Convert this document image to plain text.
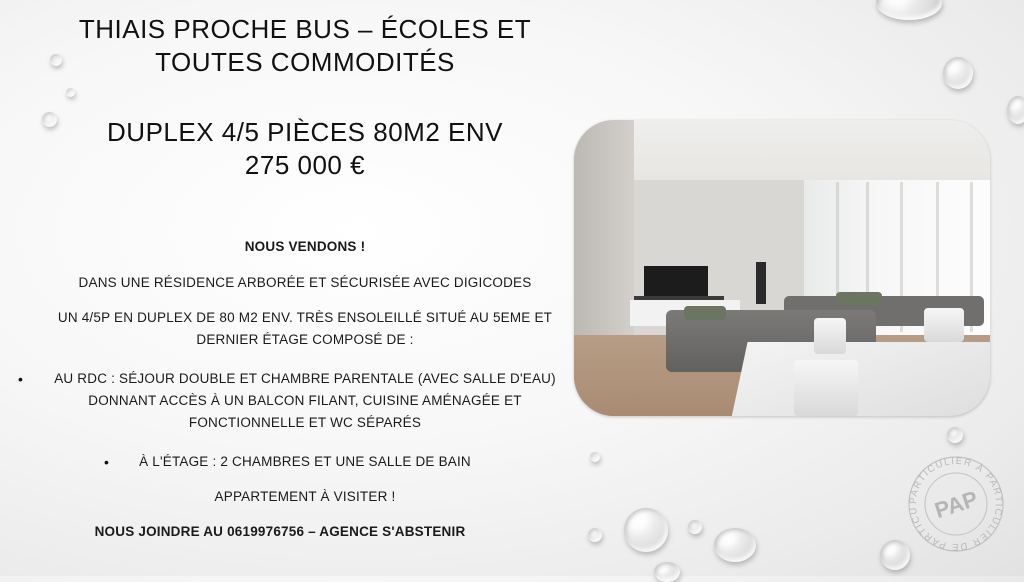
THIAIS PROCHE BUS – ÉCOLES ET
TOUTES COMMODITÉS
DUPLEX 4/5 PIÈCES 80M2 ENV
275 000 €
NOUS VENDONS !
DANS UNE RÉSIDENCE ARBORÉE ET SÉCURISÉE AVEC DIGICODES
UN 4/5P EN DUPLEX DE 80 M2 ENV. TRÈS ENSOLEILLÉ SITUÉ AU 5EME ET
DERNIER ÉTAGE COMPOSÉ DE :
•	AU RDC : SÉJOUR DOUBLE ET CHAMBRE PARENTALE (AVEC SALLE D'EAU)
DONNANT ACCÈS À UN BALCON FILANT, CUISINE AMÉNAGÉE ET
FONCTIONNELLE ET WC SÉPARÉS
•	À L'ÉTAGE : 2 CHAMBRES ET UNE SALLE DE BAIN
APPARTEMENT À VISITER !
NOUS JOINDRE AU 0619976756 – AGENCE S'ABSTENIR
PARTICULIER À PARTICULIER DE PARTICU PAP
